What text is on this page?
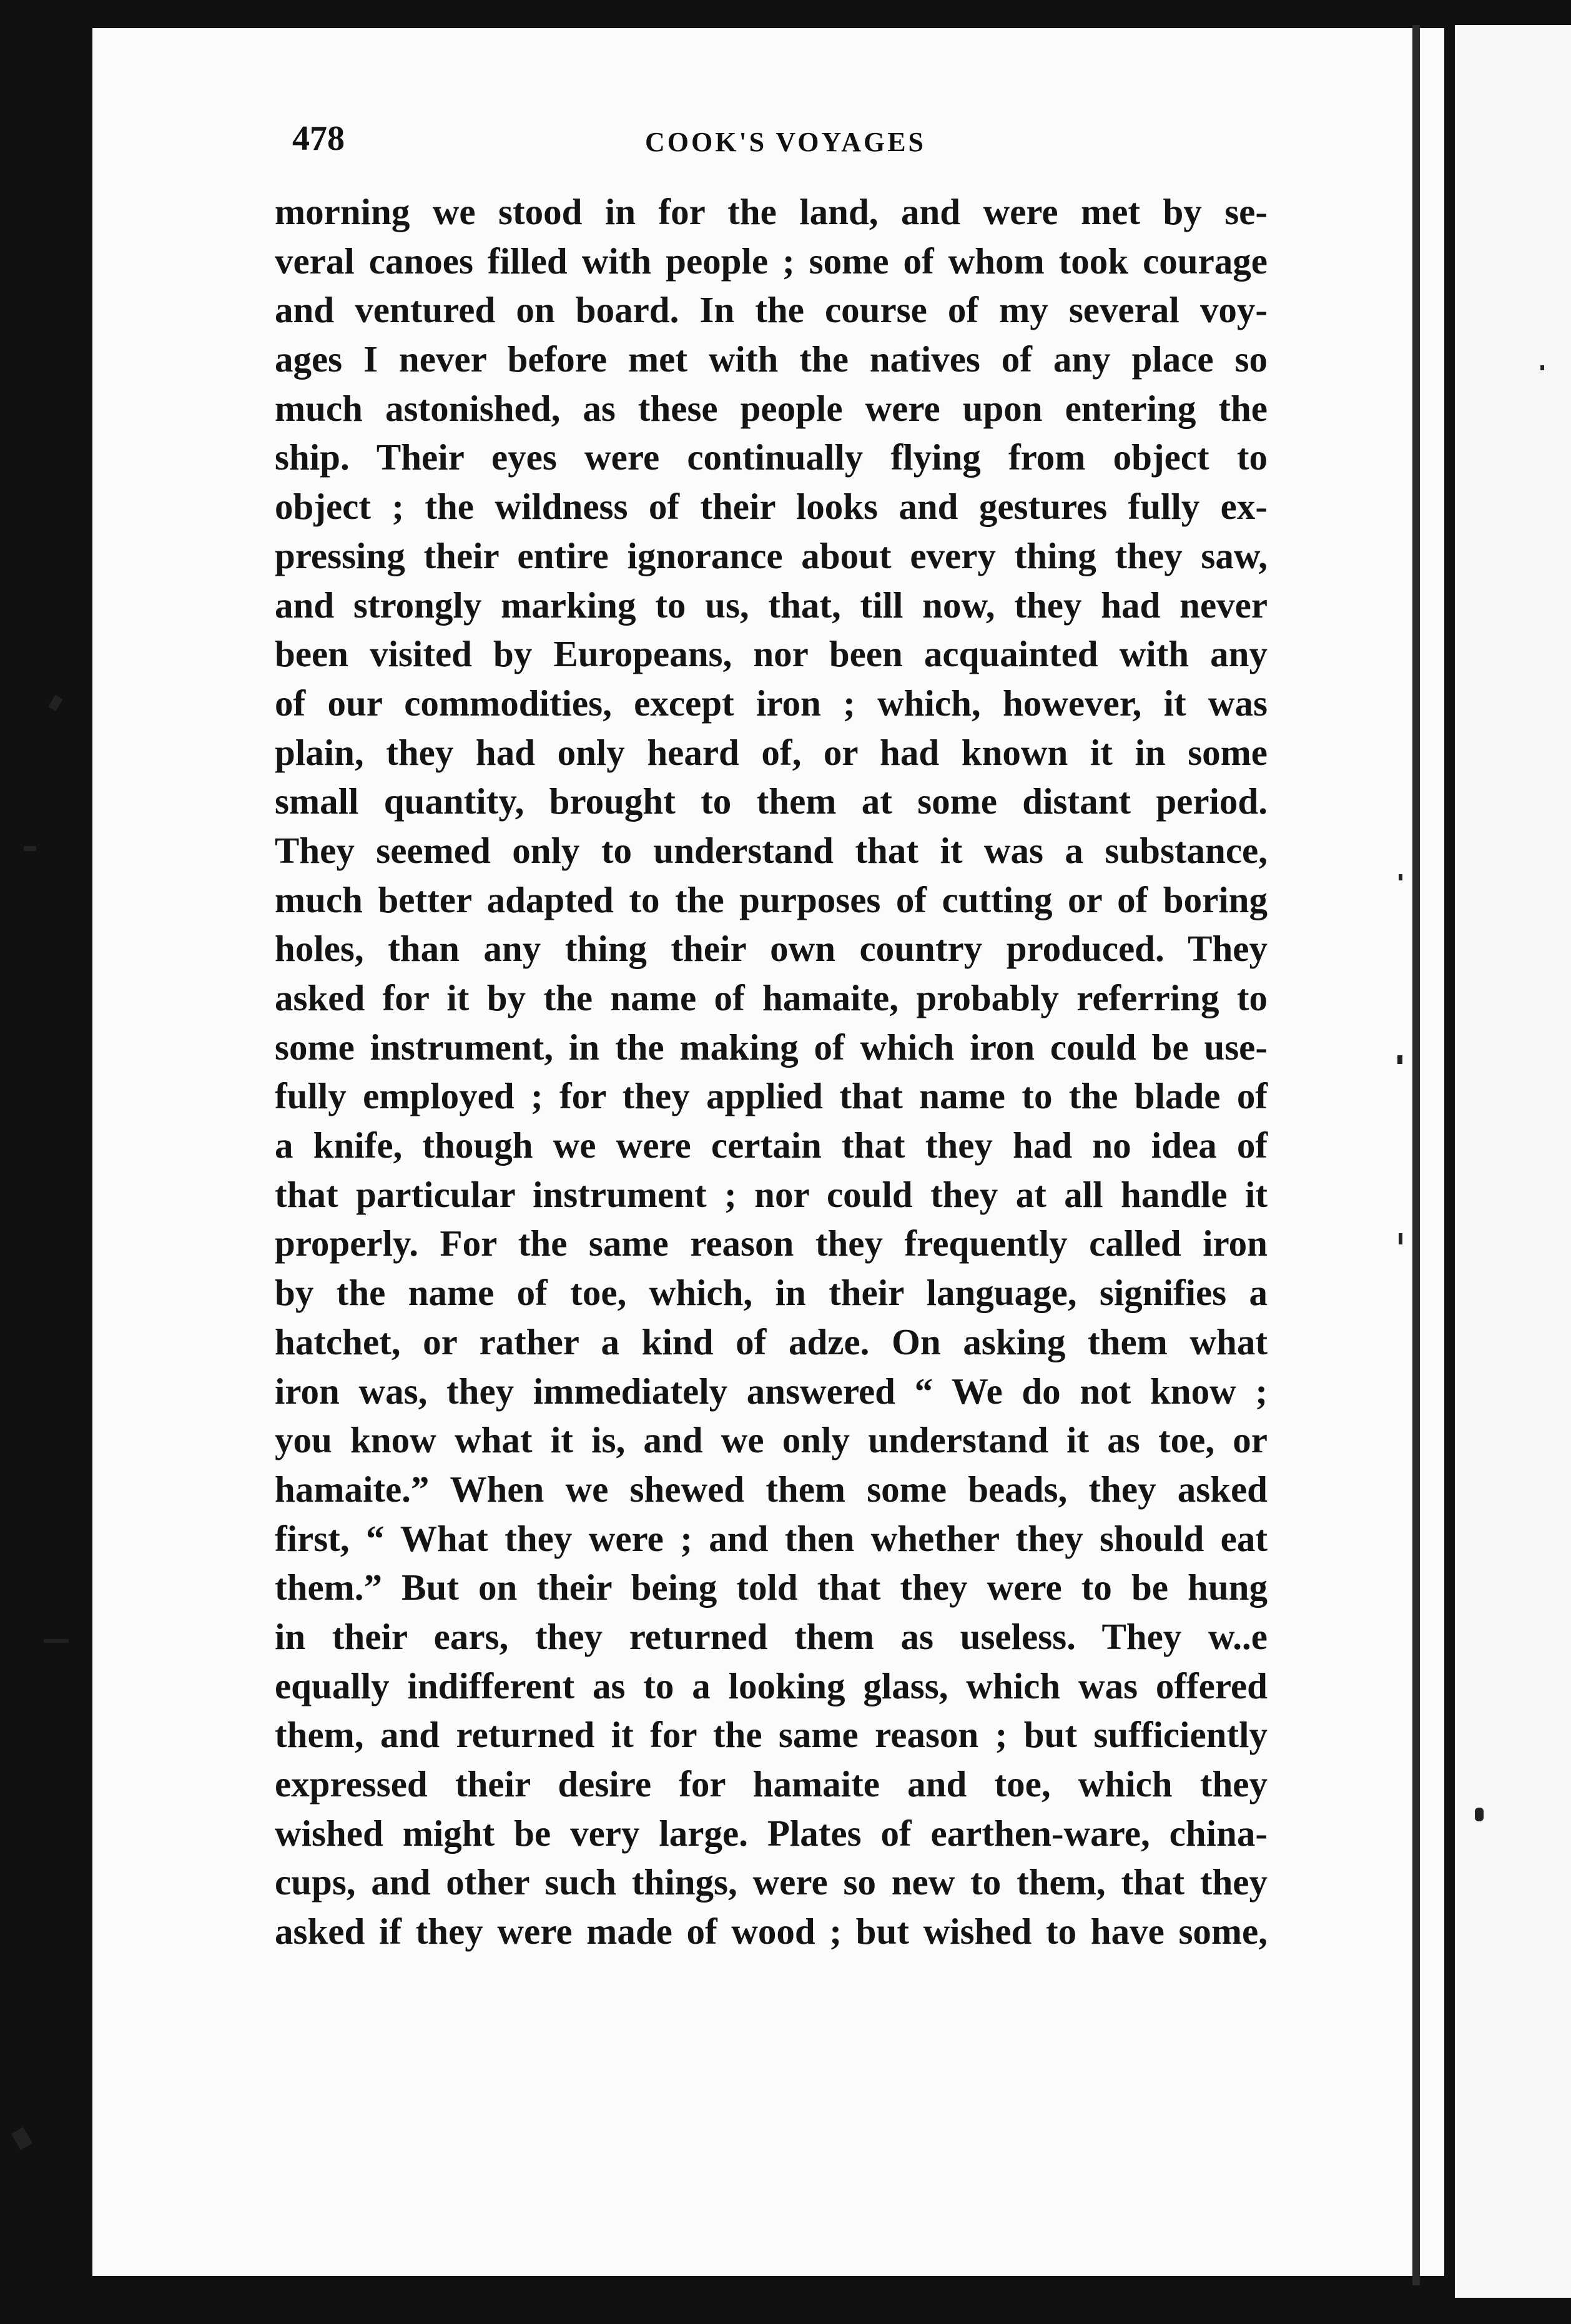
478	COOK'S VOYAGES
morning we stood in for the land, and were met by se-
veral canoes filled with people ; some of whom took courage
and ventured on board. In the course of my several voy-
ages I never before met with the natives of any place so
much astonished, as these people were upon entering the
ship. Their eyes were continually flying from object to
object ; the wildness of their looks and gestures fully ex-
pressing their entire ignorance about every thing they saw,
and strongly marking to us, that, till now, they had never
been visited by Europeans, nor been acquainted with any
of our commodities, except iron ; which, however, it was
plain, they had only heard of, or had known it in some
small quantity, brought to them at some distant period.
They seemed only to understand that it was a substance,
much better adapted to the purposes of cutting or of boring
holes, than any thing their own country produced. They
asked for it by the name of hamaite, probably referring to
some instrument, in the making of which iron could be use-
fully employed ; for they applied that name to the blade of
a knife, though we were certain that they had no idea of
that particular instrument ; nor could they at all handle it
properly. For the same reason they frequently called iron
by the name of toe, which, in their language, signifies a
hatchet, or rather a kind of adze. On asking them what
iron was, they immediately answered “ We do not know ;
you know what it is, and we only understand it as toe, or
hamaite.” When we shewed them some beads, they asked
first, “ What they were ; and then whether they should eat
them.” But on their being told that they were to be hung
in their ears, they returned them as useless. They w..e
equally indifferent as to a looking glass, which was offered
them, and returned it for the same reason ; but sufficiently
expressed their desire for hamaite and toe, which they
wished might be very large. Plates of earthen-ware, china-
cups, and other such things, were so new to them, that they
asked if they were made of wood ; but wished to have some,
